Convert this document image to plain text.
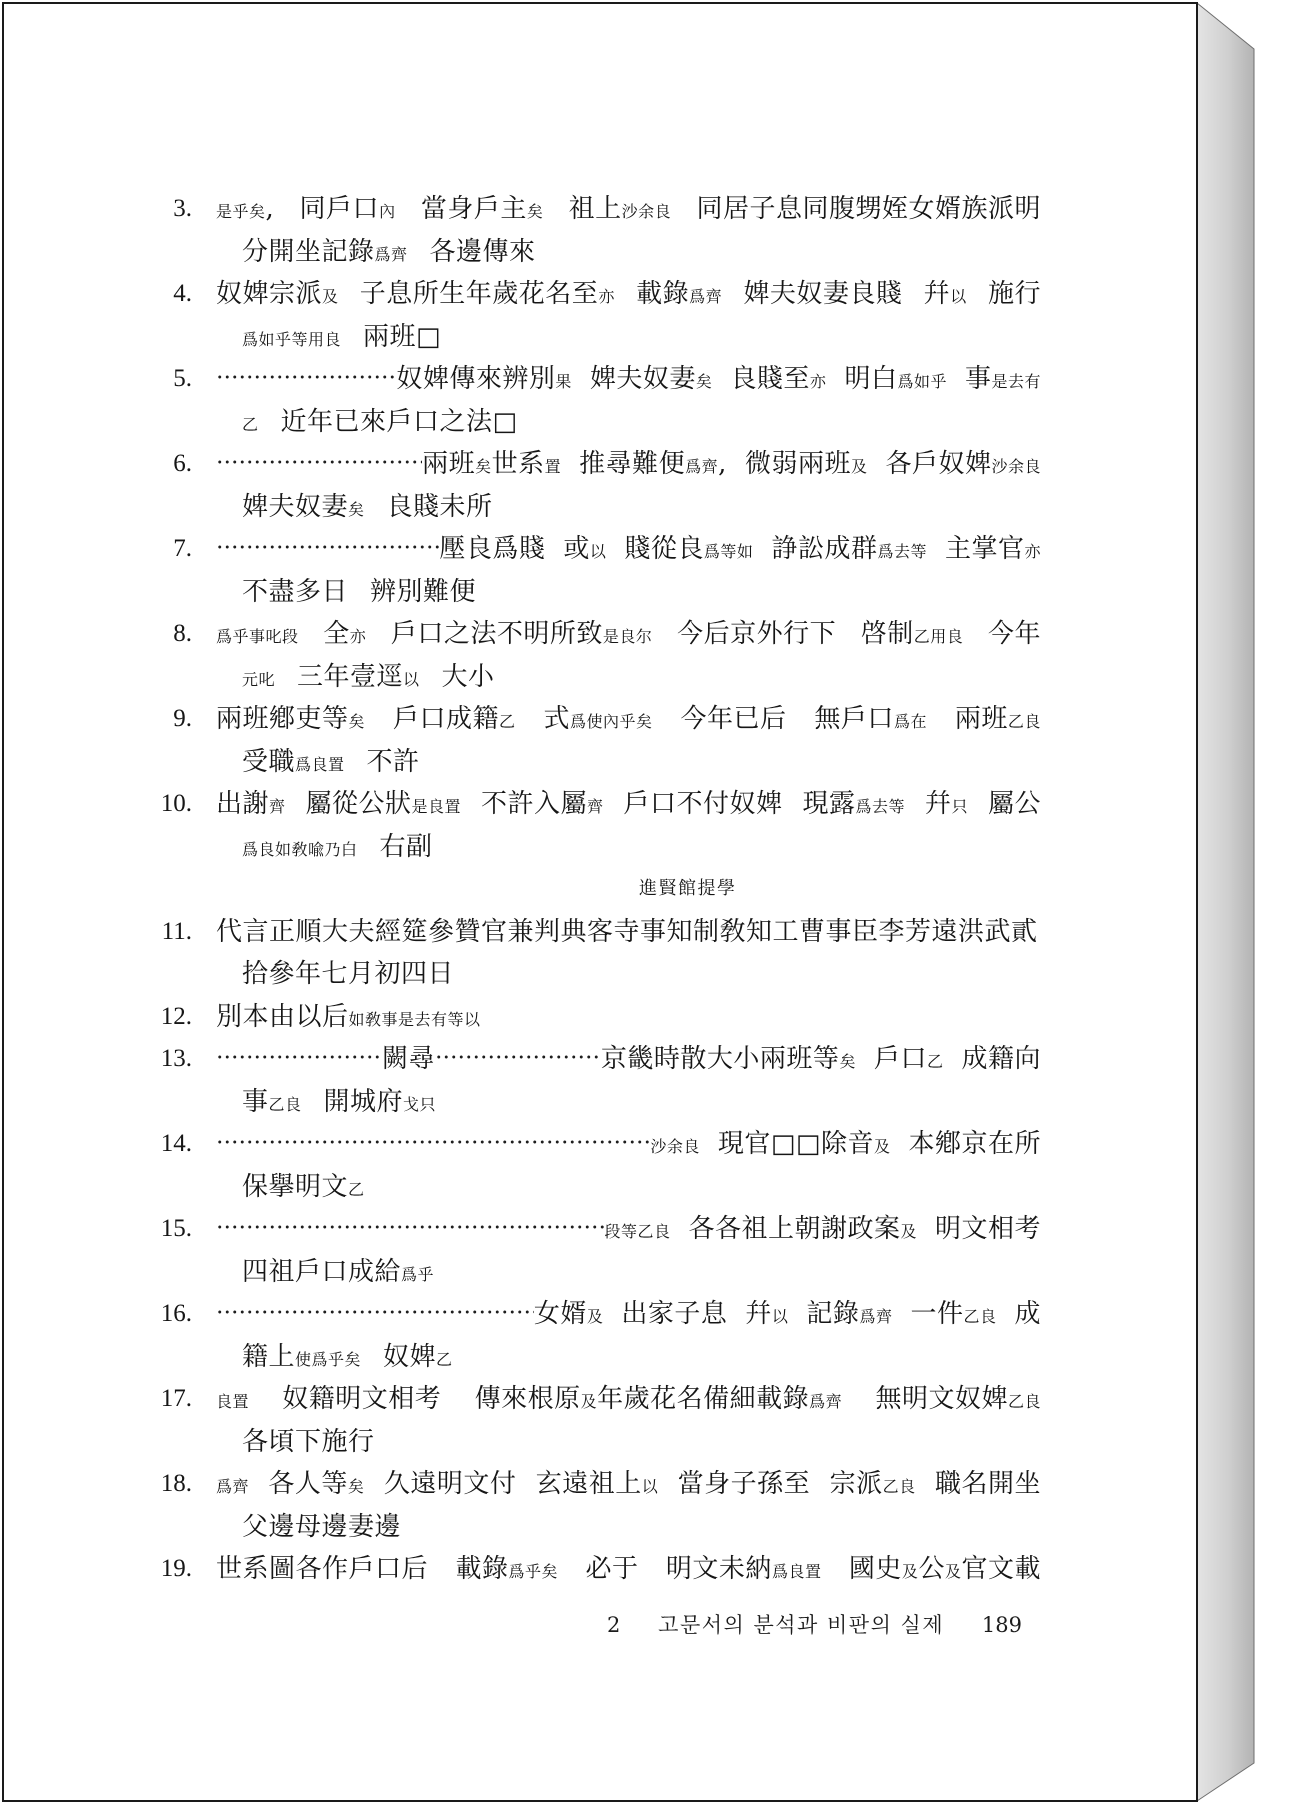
3. 是乎矣, 同戶口內 當身戶主矣 祖上沙余良 同居子息同腹甥姪女婿族派明
分開坐記錄爲齊 各邊傳來
4. 奴婢宗派及 子息所生年歲花名至亦 載錄爲齊 婢夫奴妻良賤 幷以 施行
爲如乎等用良 兩班□
5.	奴婢傳來辨別果 婢夫奴妻矣 良賤至亦 明白爲如乎 事是去有
乙 近年已來戶口之法□
6.	兩班矣世系置 推尋難便爲齊, 微弱兩班及 各戶奴婢沙余良
婢夫奴妻矣 良賤未所
7.	壓良爲賤 或以 賤從良爲等如 諍訟成群爲去等 主掌官亦
不盡多日 辨別難便
8. 爲乎事叱段 全亦 戶口之法不明所致是良尔 今后京外行下 啓制乙用良 今年
元叱 三年壹逕以 大小
9. 兩班鄕吏等矣 戶口成籍乙 式爲使內乎矣 今年已后 無戶口爲在 兩班乙良
受職爲良置 不許
10. 出謝齊 屬從公狀是良置 不許入屬齊 戶口不付奴婢 現露爲去等 幷只 屬公
爲良如敎喩乃白 右副
進賢館提學
11. 代言正順大夫經筵參贊官兼判典客寺事知制敎知工曹事臣李芳遠洪武貳
拾參年七月初四日
12. 別本由以后如敎事是去有等以
13.	闕尋	京畿時散大小兩班等矣 戶口乙 成籍向
事乙良 開城府戈只
14.	沙余良 現官□□除音及 本鄕京在所
保擧明文乙
15.	段等乙良 各各祖上朝謝政案及 明文相考
四祖戶口成給爲乎
16.	女婿及 出家子息 幷以 記錄爲齊 一件乙良 成
籍上使爲乎矣 奴婢乙
17. 良置 奴籍明文相考 傳來根原及年歲花名備細載錄爲齊 無明文奴婢乙良
各頃下施行
18. 爲齊 各人等矣 久遠明文付 玄遠祖上以 當身子孫至 宗派乙良 職名開坐
父邊母邊妻邊
19. 世系圖各作戶口后 載錄爲乎矣 必于 明文未納爲良置 國史及公及官文載
2 고문서의 분석과 비판의 실제 189
